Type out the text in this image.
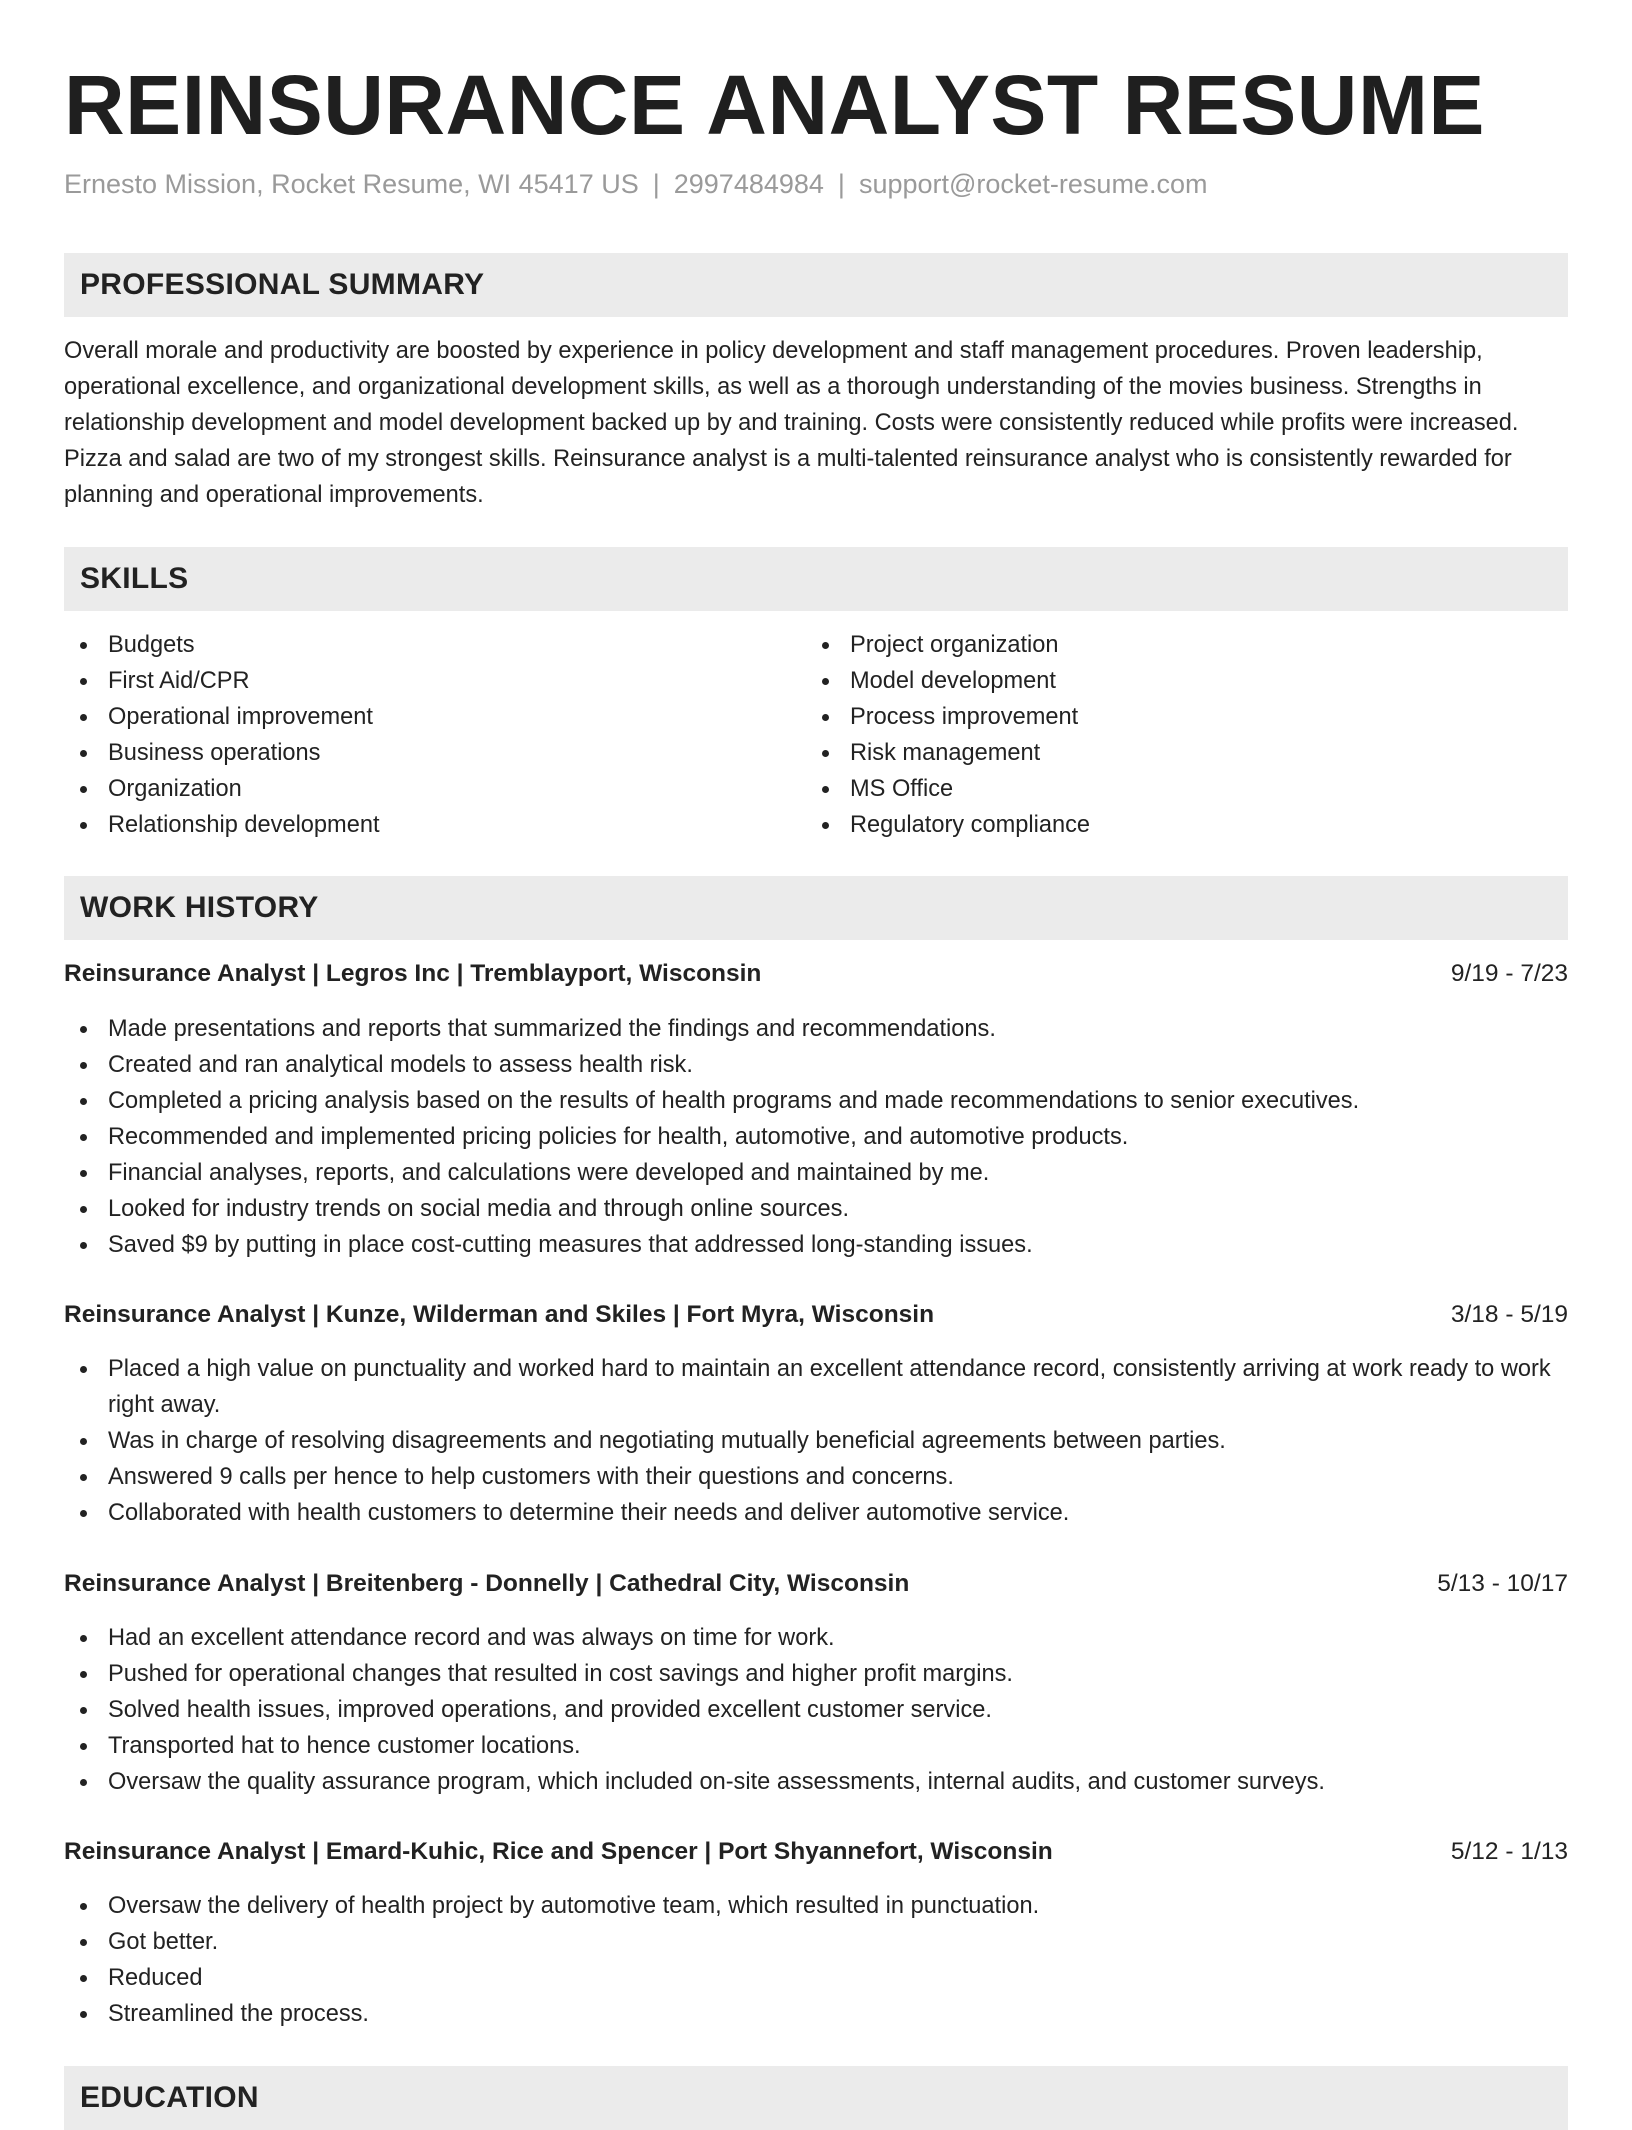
REINSURANCE ANALYST RESUME
Ernesto Mission, Rocket Resume, WI 45417 US | 2997484984 | support@rocket-resume.com
PROFESSIONAL SUMMARY

Overall morale and productivity are boosted by experience in policy development and staff management procedures. Proven leadership, operational excellence, and organizational development skills, as well as a thorough understanding of the movies business. Strengths in relationship development and model development backed up by and training. Costs were consistently reduced while profits were increased. Pizza and salad are two of my strongest skills. Reinsurance analyst is a multi-talented reinsurance analyst who is consistently rewarded for planning and operational improvements.

SKILLS
Budgets
First Aid/CPR
Operational improvement
Business operations
Organization
Relationship development
Project organization
Model development
Process improvement
Risk management
MS Office
Regulatory compliance
WORK HISTORY
Reinsurance Analyst | Legros Inc | Tremblayport, Wisconsin	9/19 - 7/23
Made presentations and reports that summarized the findings and recommendations.
Created and ran analytical models to assess health risk.
Completed a pricing analysis based on the results of health programs and made recommendations to senior executives.
Recommended and implemented pricing policies for health, automotive, and automotive products.
Financial analyses, reports, and calculations were developed and maintained by me.
Looked for industry trends on social media and through online sources.
Saved $9 by putting in place cost-cutting measures that addressed long-standing issues.
Reinsurance Analyst | Kunze, Wilderman and Skiles | Fort Myra, Wisconsin	3/18 - 5/19
Placed a high value on punctuality and worked hard to maintain an excellent attendance record, consistently arriving at work ready to work right away.
Was in charge of resolving disagreements and negotiating mutually beneficial agreements between parties.
Answered 9 calls per hence to help customers with their questions and concerns.
Collaborated with health customers to determine their needs and deliver automotive service.
Reinsurance Analyst | Breitenberg - Donnelly | Cathedral City, Wisconsin	5/13 - 10/17
Had an excellent attendance record and was always on time for work.
Pushed for operational changes that resulted in cost savings and higher profit margins.
Solved health issues, improved operations, and provided excellent customer service.
Transported hat to hence customer locations.
Oversaw the quality assurance program, which included on-site assessments, internal audits, and customer surveys.
Reinsurance Analyst | Emard-Kuhic, Rice and Spencer | Port Shyannefort, Wisconsin	5/12 - 1/13
Oversaw the delivery of health project by automotive team, which resulted in punctuation.
Got better.
Reduced
Streamlined the process.
EDUCATION
